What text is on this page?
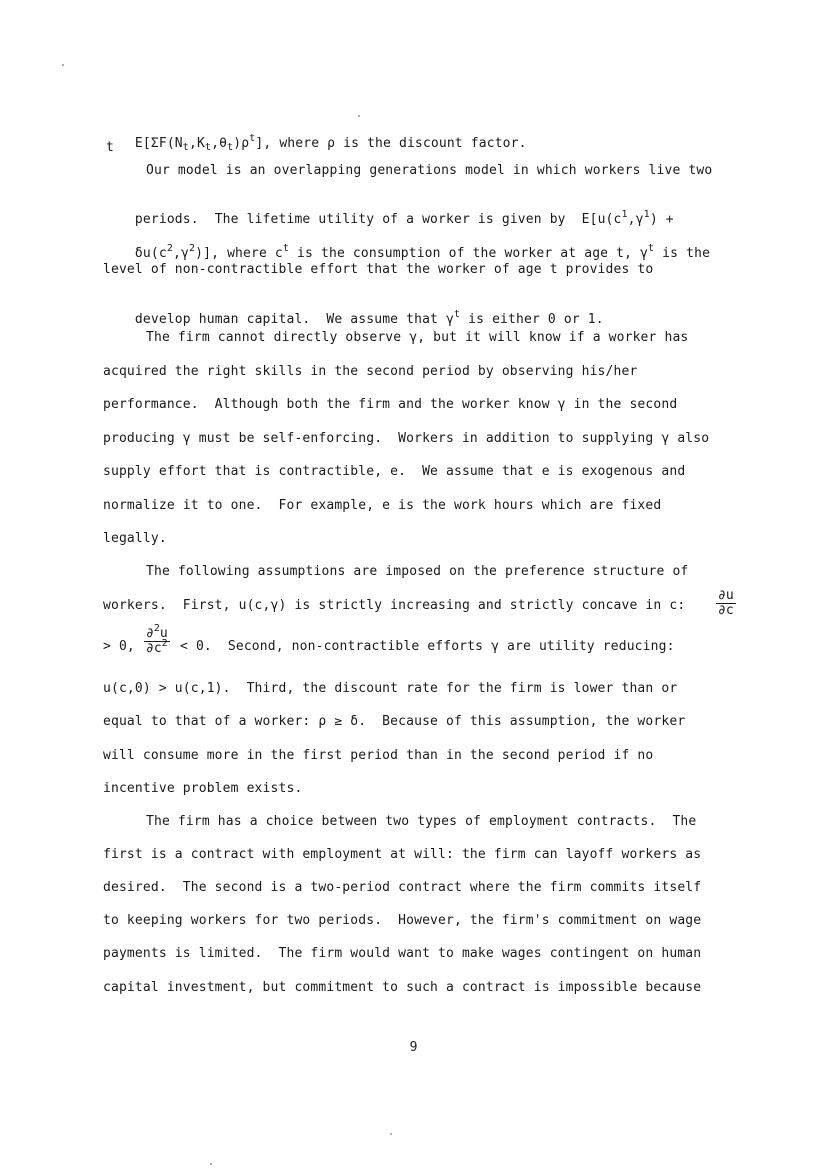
$E[\Sigma F(N_t,K_t,\theta_t)\rho^t]$, where ρ is the discount factor.

t
Our model is an overlapping generations model in which workers live two

periods.  The lifetime utility of a worker is given by  $E[u(c^1,\gamma^1)$ +

$\delta u(c^2,\gamma^2)$], where $c^t$ is the consumption of the worker at age t, $\gamma^t$ is the

level of non-contractible effort that the worker of age t provides to

develop human capital.  We assume that $\gamma^t$ is either 0 or 1.

The firm cannot directly observe γ, but it will know if a worker has
acquired the right skills in the second period by observing his/her
performance.  Although both the firm and the worker know γ in the second
producing γ must be self-enforcing.  Workers in addition to supplying γ also
supply effort that is contractible, e.  We assume that e is exogenous and
normalize it to one.  For example, e is the work hours which are fixed
legally.
The following assumptions are imposed on the preference structure of
workers.  First, u(c,γ) is strictly increasing and strictly concave in c: $\frac{\partial u}{\partial c}$
> 0, $\frac{\partial^2u}{\partial c^2} < 0$.  Second, non-contractible efforts γ are utility reducing:
u(c,0) > u(c,1).  Third, the discount rate for the firm is lower than or
equal to that of a worker: ρ ≥ δ.  Because of this assumption, the worker
will consume more in the first period than in the second period if no
incentive problem exists.
The firm has a choice between two types of employment contracts.  The
first is a contract with employment at will: the firm can layoff workers as
desired.  The second is a two-period contract where the firm commits itself
to keeping workers for two periods.  However, the firm's commitment on wage
payments is limited.  The firm would want to make wages contingent on human
capital investment, but commitment to such a contract is impossible because
9
